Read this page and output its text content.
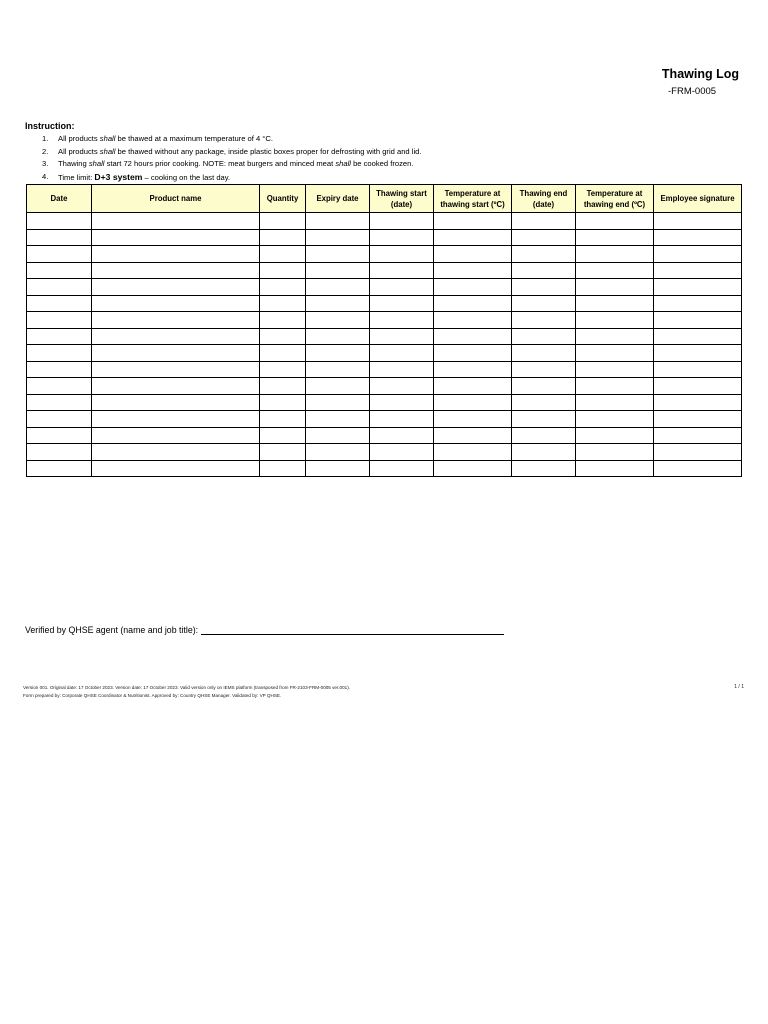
Thawing Log
-FRM-0005
Instruction:
1.	All products shall be thawed at a maximum temperature of 4 °C.
2.	All products shall be thawed without any package, inside plastic boxes proper for defrosting with grid and lid.
3.	Thawing shall start 72 hours prior cooking. NOTE: meat burgers and minced meat shall be cooked frozen.
4.	Time limit: D+3 system – cooking on the last day.
Date	Product name	Quantity	Expiry date	Thawing start (date)	Temperature at thawing start (ºC)	Thawing end (date)	Temperature at thawing end (ºC)	Employee signature

Verified by QHSE agent (name and job title):
Version 001. Original date: 17 October 2023. Version date: 17 October 2023. Valid version only on IEMS platform (transposed from FR-2103-FRM-0005 ver.001).
Form prepared by: Corporate QHSE Coordinator & Nutritionist. Approved by: Country QHSE Manager. Validated by: VP QHSE.
1 / 1
